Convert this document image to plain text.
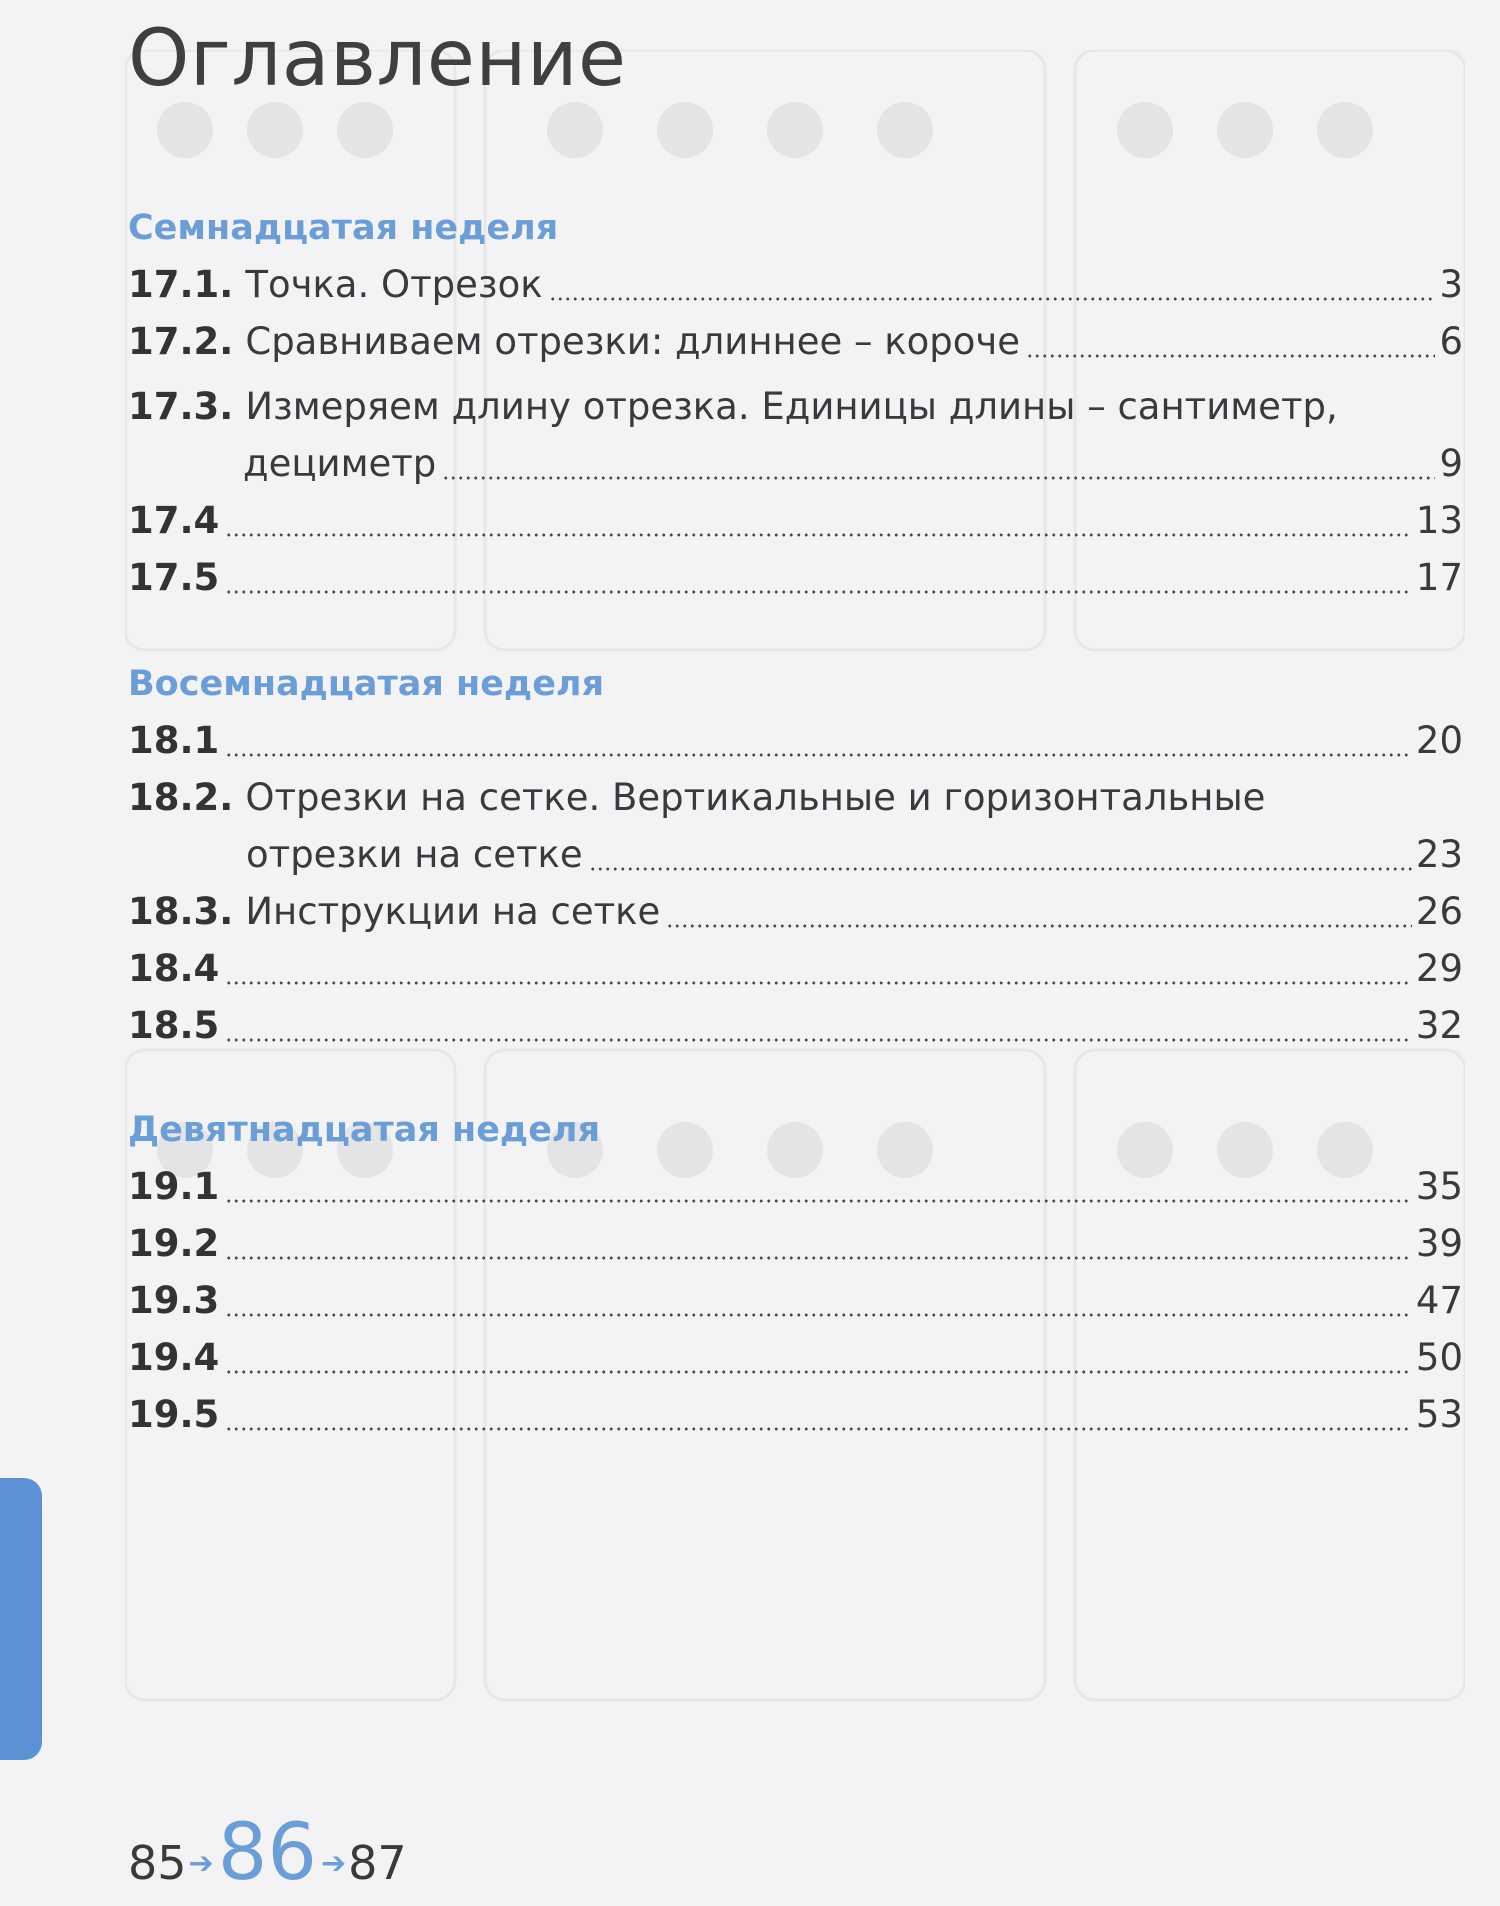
Оглавление
Семнадцатая неделя
17.1. Точка. Отрезок	3
17.2. Сравниваем отрезки: длиннее – короче	6
17.3. Измеряем длину отрезка. Единицы длины – сантиметр,
дециметр	9
17.4	13
17.5	17
Восемнадцатая неделя
18.1	20
18.2. Отрезки на сетке. Вертикальные и горизонтальные
отрезки на сетке	23
18.3. Инструкции на сетке	26
18.4	29
18.5	32
Девятнадцатая неделя
19.1	35
19.2	39
19.3	47
19.4	50
19.5	53
85 ➔ 86 ➔ 87
